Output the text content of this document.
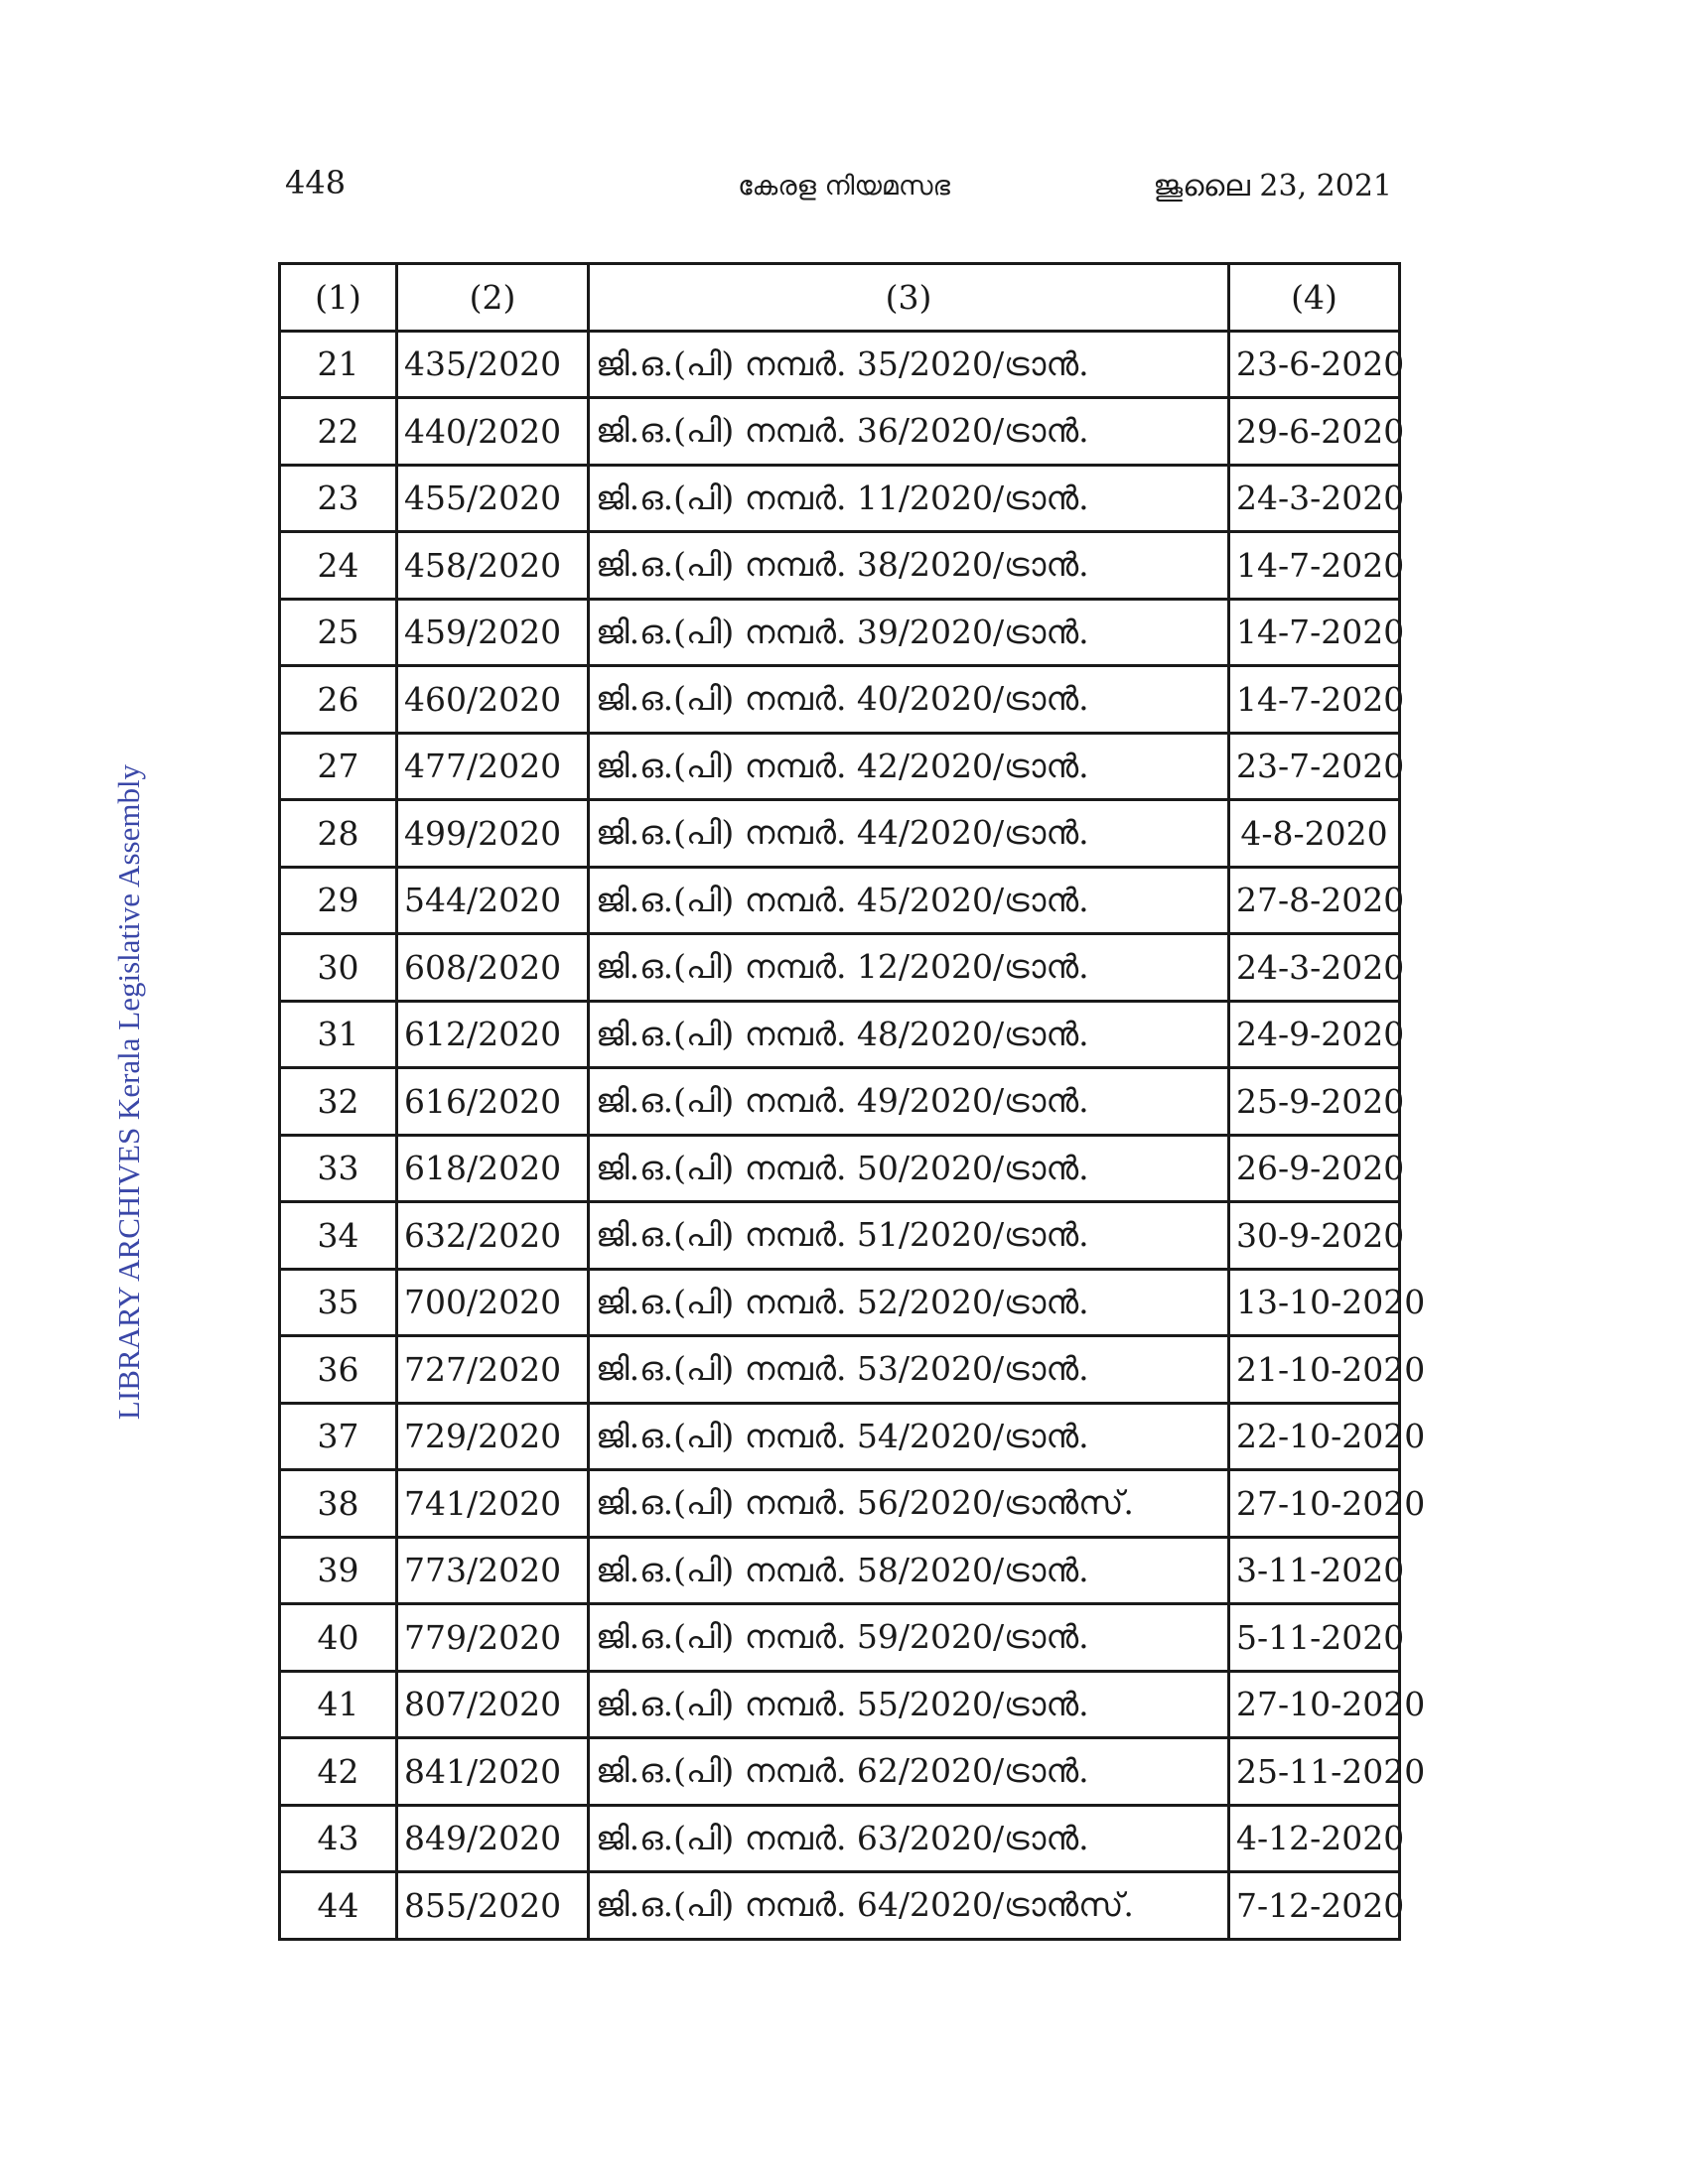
448	കേരള നിയമസഭ	ജൂലൈ 23, 2021
LIBRARY ARCHIVES Kerala Legislative Assembly
(1)	(2)	(3)	(4)
21	435/2020	ജി.ഒ.(പി) നമ്പർ. 35/2020/ട്രാൻ.	23-6-2020
22	440/2020	ജി.ഒ.(പി) നമ്പർ. 36/2020/ട്രാൻ.	29-6-2020
23	455/2020	ജി.ഒ.(പി) നമ്പർ. 11/2020/ട്രാൻ.	24-3-2020
24	458/2020	ജി.ഒ.(പി) നമ്പർ. 38/2020/ട്രാൻ.	14-7-2020
25	459/2020	ജി.ഒ.(പി) നമ്പർ. 39/2020/ട്രാൻ.	14-7-2020
26	460/2020	ജി.ഒ.(പി) നമ്പർ. 40/2020/ട്രാൻ.	14-7-2020
27	477/2020	ജി.ഒ.(പി) നമ്പർ. 42/2020/ട്രാൻ.	23-7-2020
28	499/2020	ജി.ഒ.(പി) നമ്പർ. 44/2020/ട്രാൻ.	4-8-2020
29	544/2020	ജി.ഒ.(പി) നമ്പർ. 45/2020/ട്രാൻ.	27-8-2020
30	608/2020	ജി.ഒ.(പി) നമ്പർ. 12/2020/ട്രാൻ.	24-3-2020
31	612/2020	ജി.ഒ.(പി) നമ്പർ. 48/2020/ട്രാൻ.	24-9-2020
32	616/2020	ജി.ഒ.(പി) നമ്പർ. 49/2020/ട്രാൻ.	25-9-2020
33	618/2020	ജി.ഒ.(പി) നമ്പർ. 50/2020/ട്രാൻ.	26-9-2020
34	632/2020	ജി.ഒ.(പി) നമ്പർ. 51/2020/ട്രാൻ.	30-9-2020
35	700/2020	ജി.ഒ.(പി) നമ്പർ. 52/2020/ട്രാൻ.	13-10-2020
36	727/2020	ജി.ഒ.(പി) നമ്പർ. 53/2020/ട്രാൻ.	21-10-2020
37	729/2020	ജി.ഒ.(പി) നമ്പർ. 54/2020/ട്രാൻ.	22-10-2020
38	741/2020	ജി.ഒ.(പി) നമ്പർ. 56/2020/ട്രാൻസ്.	27-10-2020
39	773/2020	ജി.ഒ.(പി) നമ്പർ. 58/2020/ട്രാൻ.	3-11-2020
40	779/2020	ജി.ഒ.(പി) നമ്പർ. 59/2020/ട്രാൻ.	5-11-2020
41	807/2020	ജി.ഒ.(പി) നമ്പർ. 55/2020/ട്രാൻ.	27-10-2020
42	841/2020	ജി.ഒ.(പി) നമ്പർ. 62/2020/ട്രാൻ.	25-11-2020
43	849/2020	ജി.ഒ.(പി) നമ്പർ. 63/2020/ട്രാൻ.	4-12-2020
44	855/2020	ജി.ഒ.(പി) നമ്പർ. 64/2020/ട്രാൻസ്.	7-12-2020
